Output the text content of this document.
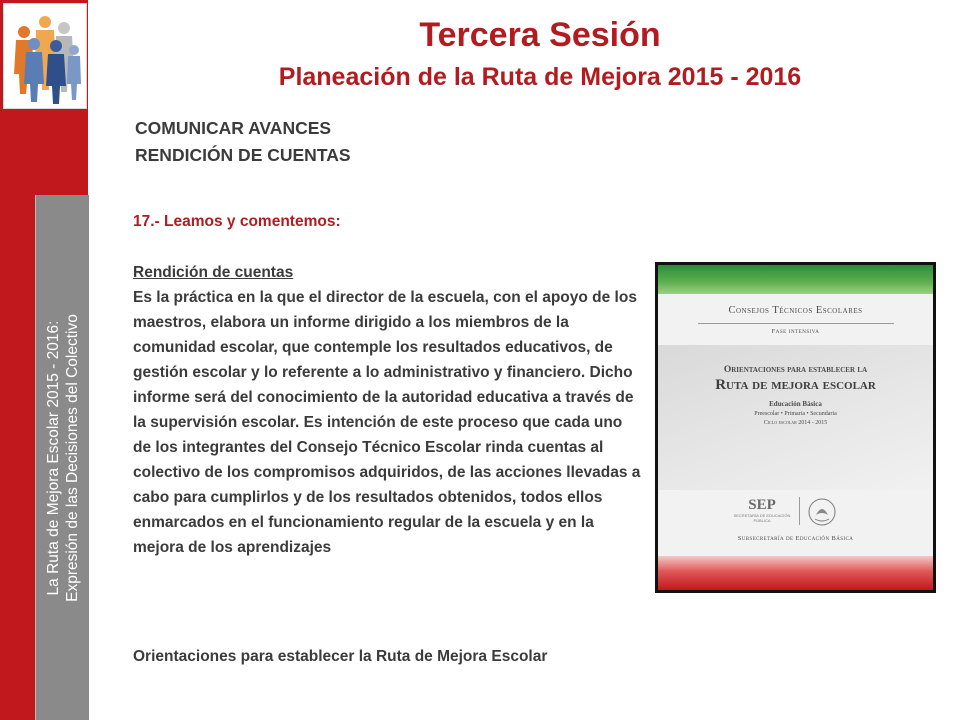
La Ruta de Mejora Escolar 2015 - 2016: Expresión de las Decisiones del Colectivo
Tercera Sesión
Planeación de la Ruta de Mejora 2015 - 2016
COMUNICAR AVANCES
RENDICIÓN DE CUENTAS

17.- Leamos y comentemos:

Rendición de cuentas

Es la práctica en la que el director de la escuela, con el apoyo de los maestros, elabora un informe dirigido a los miembros de la comunidad escolar, que contemple los resultados educativos, de gestión escolar y lo referente a lo administrativo y financiero. Dicho informe será del conocimiento de la autoridad educativa a través de la supervisión escolar. Es intención de este proceso que cada uno de los integrantes del Consejo Técnico Escolar rinda cuentas al colectivo de los compromisos adquiridos, de las acciones llevadas a cabo para cumplirlos y de los resultados obtenidos, todos ellos enmarcados en el funcionamiento regular de la escuela y en la mejora de los aprendizajes

Orientaciones para establecer la Ruta de Mejora Escolar

Consejos Técnicos Escolares
Fase intensiva
Orientaciones para establecer la
Ruta de mejora escolar
Educación Básica
Preescolar • Primaria • Secundaria
Ciclo escolar 2014 - 2015
SEP
SECRETARÍA DE EDUCACIÓN PÚBLICA
Subsecretaría de Educación Básica
